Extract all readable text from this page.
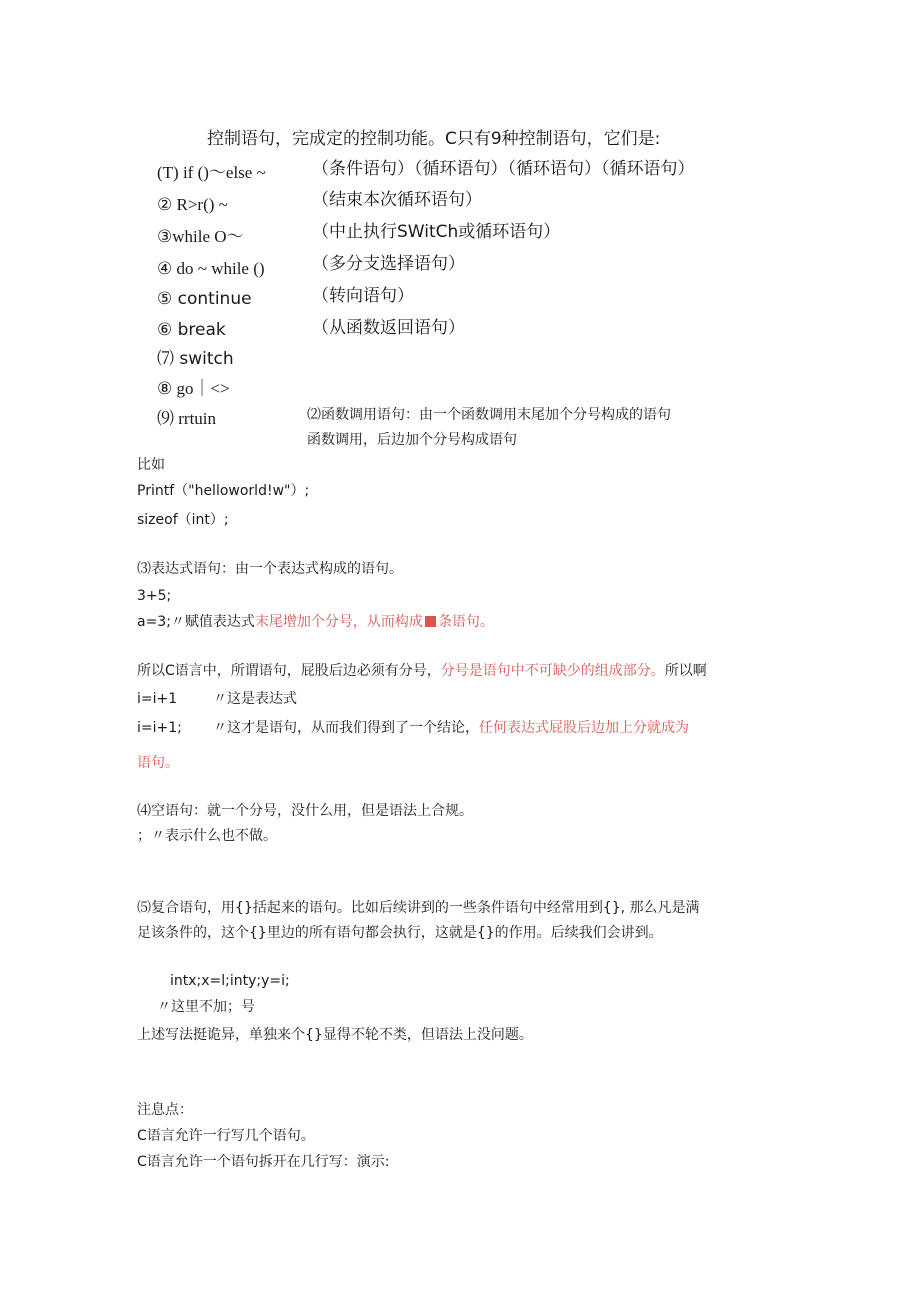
控制语句，完成定的控制功能。C只有9种控制语句，它们是:
(T) if ()～else ~	（条件语句）（循环语句）（循环语句）（循环语句）
② R>r() ~	（结束本次循环语句）
③while O～	（中止执行SWitCh或循环语句）
④ do ~ while ()	（多分支选择语句）
⑤ continue	（转向语句）
⑥ break	（从函数返回语句）
⑺ switch
⑧ go｜<>
⑼ rrtuin	⑵函数调用语句：由一个函数调用末尾加个分号构成的语句
函数调用，后边加个分号构成语句
比如
Printf（"helloworld!w"）;
sizeof（int）;
⑶表达式语句：由一个表达式构成的语句。
3+5;
a=3;〃赋值表达式末尾增加个分号，从而构成 条语句。
所以C语言中，所谓语句，屁股后边必须有分号，分号是语句中不可缺少的组成部分。所以啊
i=i+1	〃这是表达式
i=i+1; 〃这才是语句，从而我们得到了一个结论，任何表达式屁股后边加上分就成为
语句。
⑷空语句：就一个分号，没什么用，但是语法上合规。
；〃表示什么也不做。
⑸复合语句，用{}括起来的语句。比如后续讲到的一些条件语句中经常用到{}, 那么凡是满
足该条件的，这个{}里边的所有语句都会执行，这就是{}的作用。后续我们会讲到。
intx;x=l;inty;y=i;
〃这里不加；号
上述写法挺诡异，单独来个{}显得不轮不类，但语法上没问题。
注息点：
C语言允许一行写几个语句。
C语言允许一个语句拆开在几行写：演示:
